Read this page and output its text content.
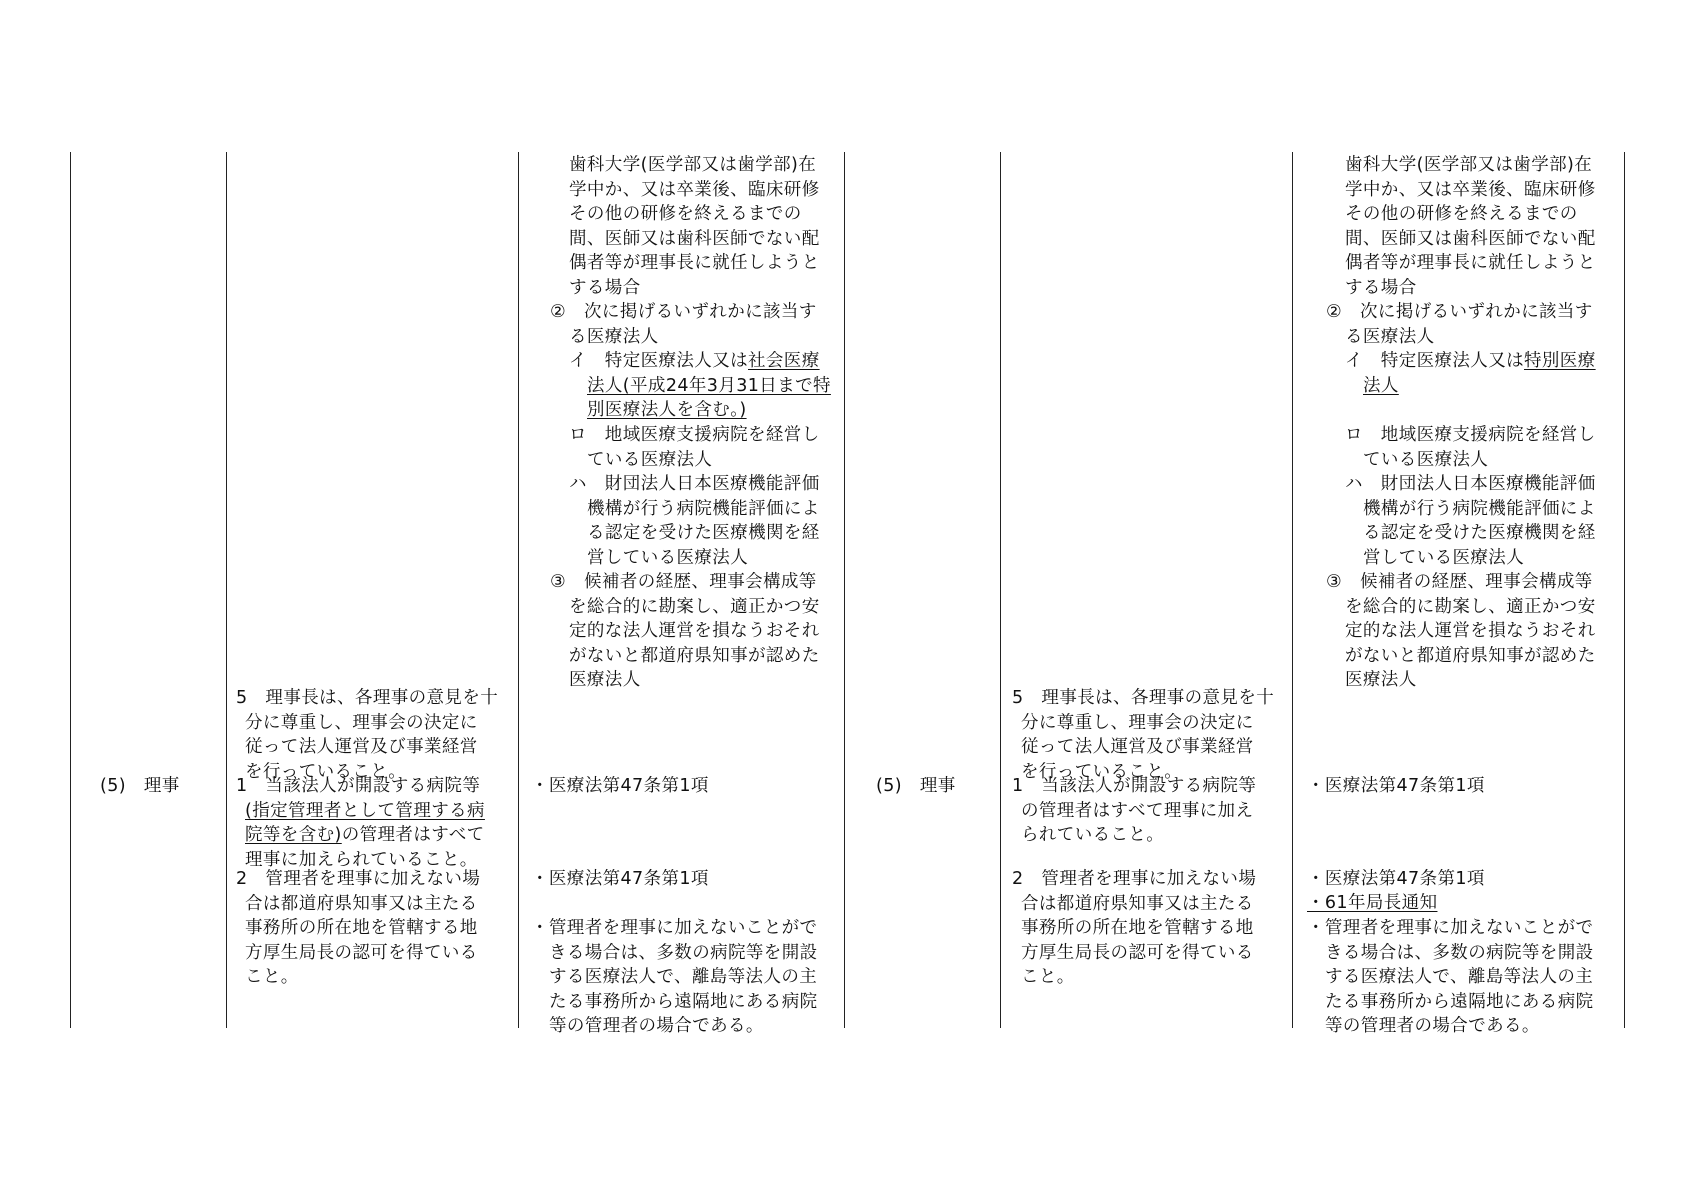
(5)　理事
歯科大学(医学部又は歯学部)在
学中か、又は卒業後、臨床研修
その他の研修を終えるまでの
間、医師又は歯科医師でない配
偶者等が理事長に就任しようと
する場合
②　次に掲げるいずれかに該当す
る医療法人
イ　特定医療法人又は社会医療
法人(平成24年3月31日まで特
別医療法人を含む。)
ロ　地域医療支援病院を経営し
ている医療法人
ハ　財団法人日本医療機能評価
機構が行う病院機能評価によ
る認定を受けた医療機関を経
営している医療法人
③　候補者の経歴、理事会構成等
を総合的に勘案し、適正かつ安
定的な法人運営を損なうおそれ
がないと都道府県知事が認めた
医療法人
5　理事長は、各理事の意見を十
分に尊重し、理事会の決定に
従って法人運営及び事業経営
を行っていること。
1　当該法人が開設する病院等
(指定管理者として管理する病
院等を含む)の管理者はすべて
理事に加えられていること。
2　管理者を理事に加えない場
合は都道府県知事又は主たる
事務所の所在地を管轄する地
方厚生局長の認可を得ている
こと。
・医療法第47条第1項
・医療法第47条第1項
・管理者を理事に加えないことがで
きる場合は、多数の病院等を開設
する医療法人で、離島等法人の主
たる事務所から遠隔地にある病院
等の管理者の場合である。
(5)　理事
歯科大学(医学部又は歯学部)在
学中か、又は卒業後、臨床研修
その他の研修を終えるまでの
間、医師又は歯科医師でない配
偶者等が理事長に就任しようと
する場合
②　次に掲げるいずれかに該当す
る医療法人
イ　特定医療法人又は特別医療
法人
ロ　地域医療支援病院を経営し
ている医療法人
ハ　財団法人日本医療機能評価
機構が行う病院機能評価によ
る認定を受けた医療機関を経
営している医療法人
③　候補者の経歴、理事会構成等
を総合的に勘案し、適正かつ安
定的な法人運営を損なうおそれ
がないと都道府県知事が認めた
医療法人
5　理事長は、各理事の意見を十
分に尊重し、理事会の決定に
従って法人運営及び事業経営
を行っていること。
1　当該法人が開設する病院等
の管理者はすべて理事に加え
られていること。
2　管理者を理事に加えない場
合は都道府県知事又は主たる
事務所の所在地を管轄する地
方厚生局長の認可を得ている
こと。
・医療法第47条第1項
・医療法第47条第1項
・61年局長通知
・管理者を理事に加えないことがで
きる場合は、多数の病院等を開設
する医療法人で、離島等法人の主
たる事務所から遠隔地にある病院
等の管理者の場合である。
